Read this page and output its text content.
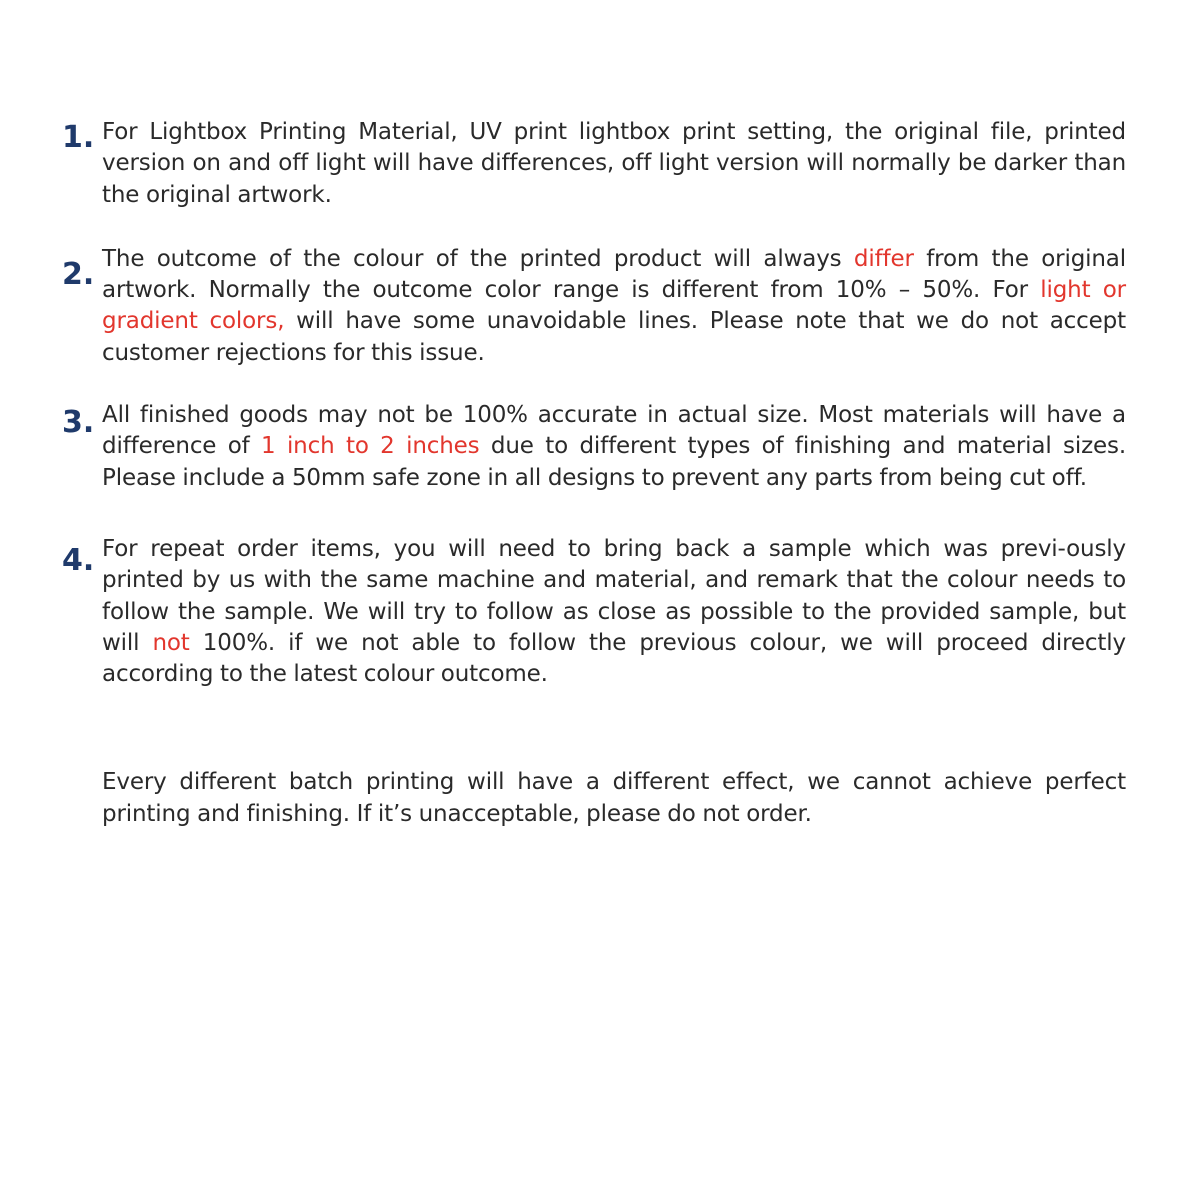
1. For Lightbox Printing Material, UV print lightbox print setting, the original file, printed version on and off light will have differences, off light version will normally be darker than the original artwork.
2. The outcome of the colour of the printed product will always differ from the original artwork. Normally the outcome color range is different from 10% – 50%. For light or gradient colors, will have some unavoidable lines. Please note that we do not accept customer rejections for this issue.
3. All finished goods may not be 100% accurate in actual size. Most materials will have a difference of 1 inch to 2 inches due to different types of finishing and material sizes. Please include a 50mm safe zone in all designs to prevent any parts from being cut off.
4. For repeat order items, you will need to bring back a sample which was previ-ously printed by us with the same machine and material, and remark that the colour needs to follow the sample. We will try to follow as close as possible to the provided sample, but will not 100%. if we not able to follow the previous colour, we will proceed directly according to the latest colour outcome.
Every different batch printing will have a different effect, we cannot achieve perfect printing and finishing. If it’s unacceptable, please do not order.
